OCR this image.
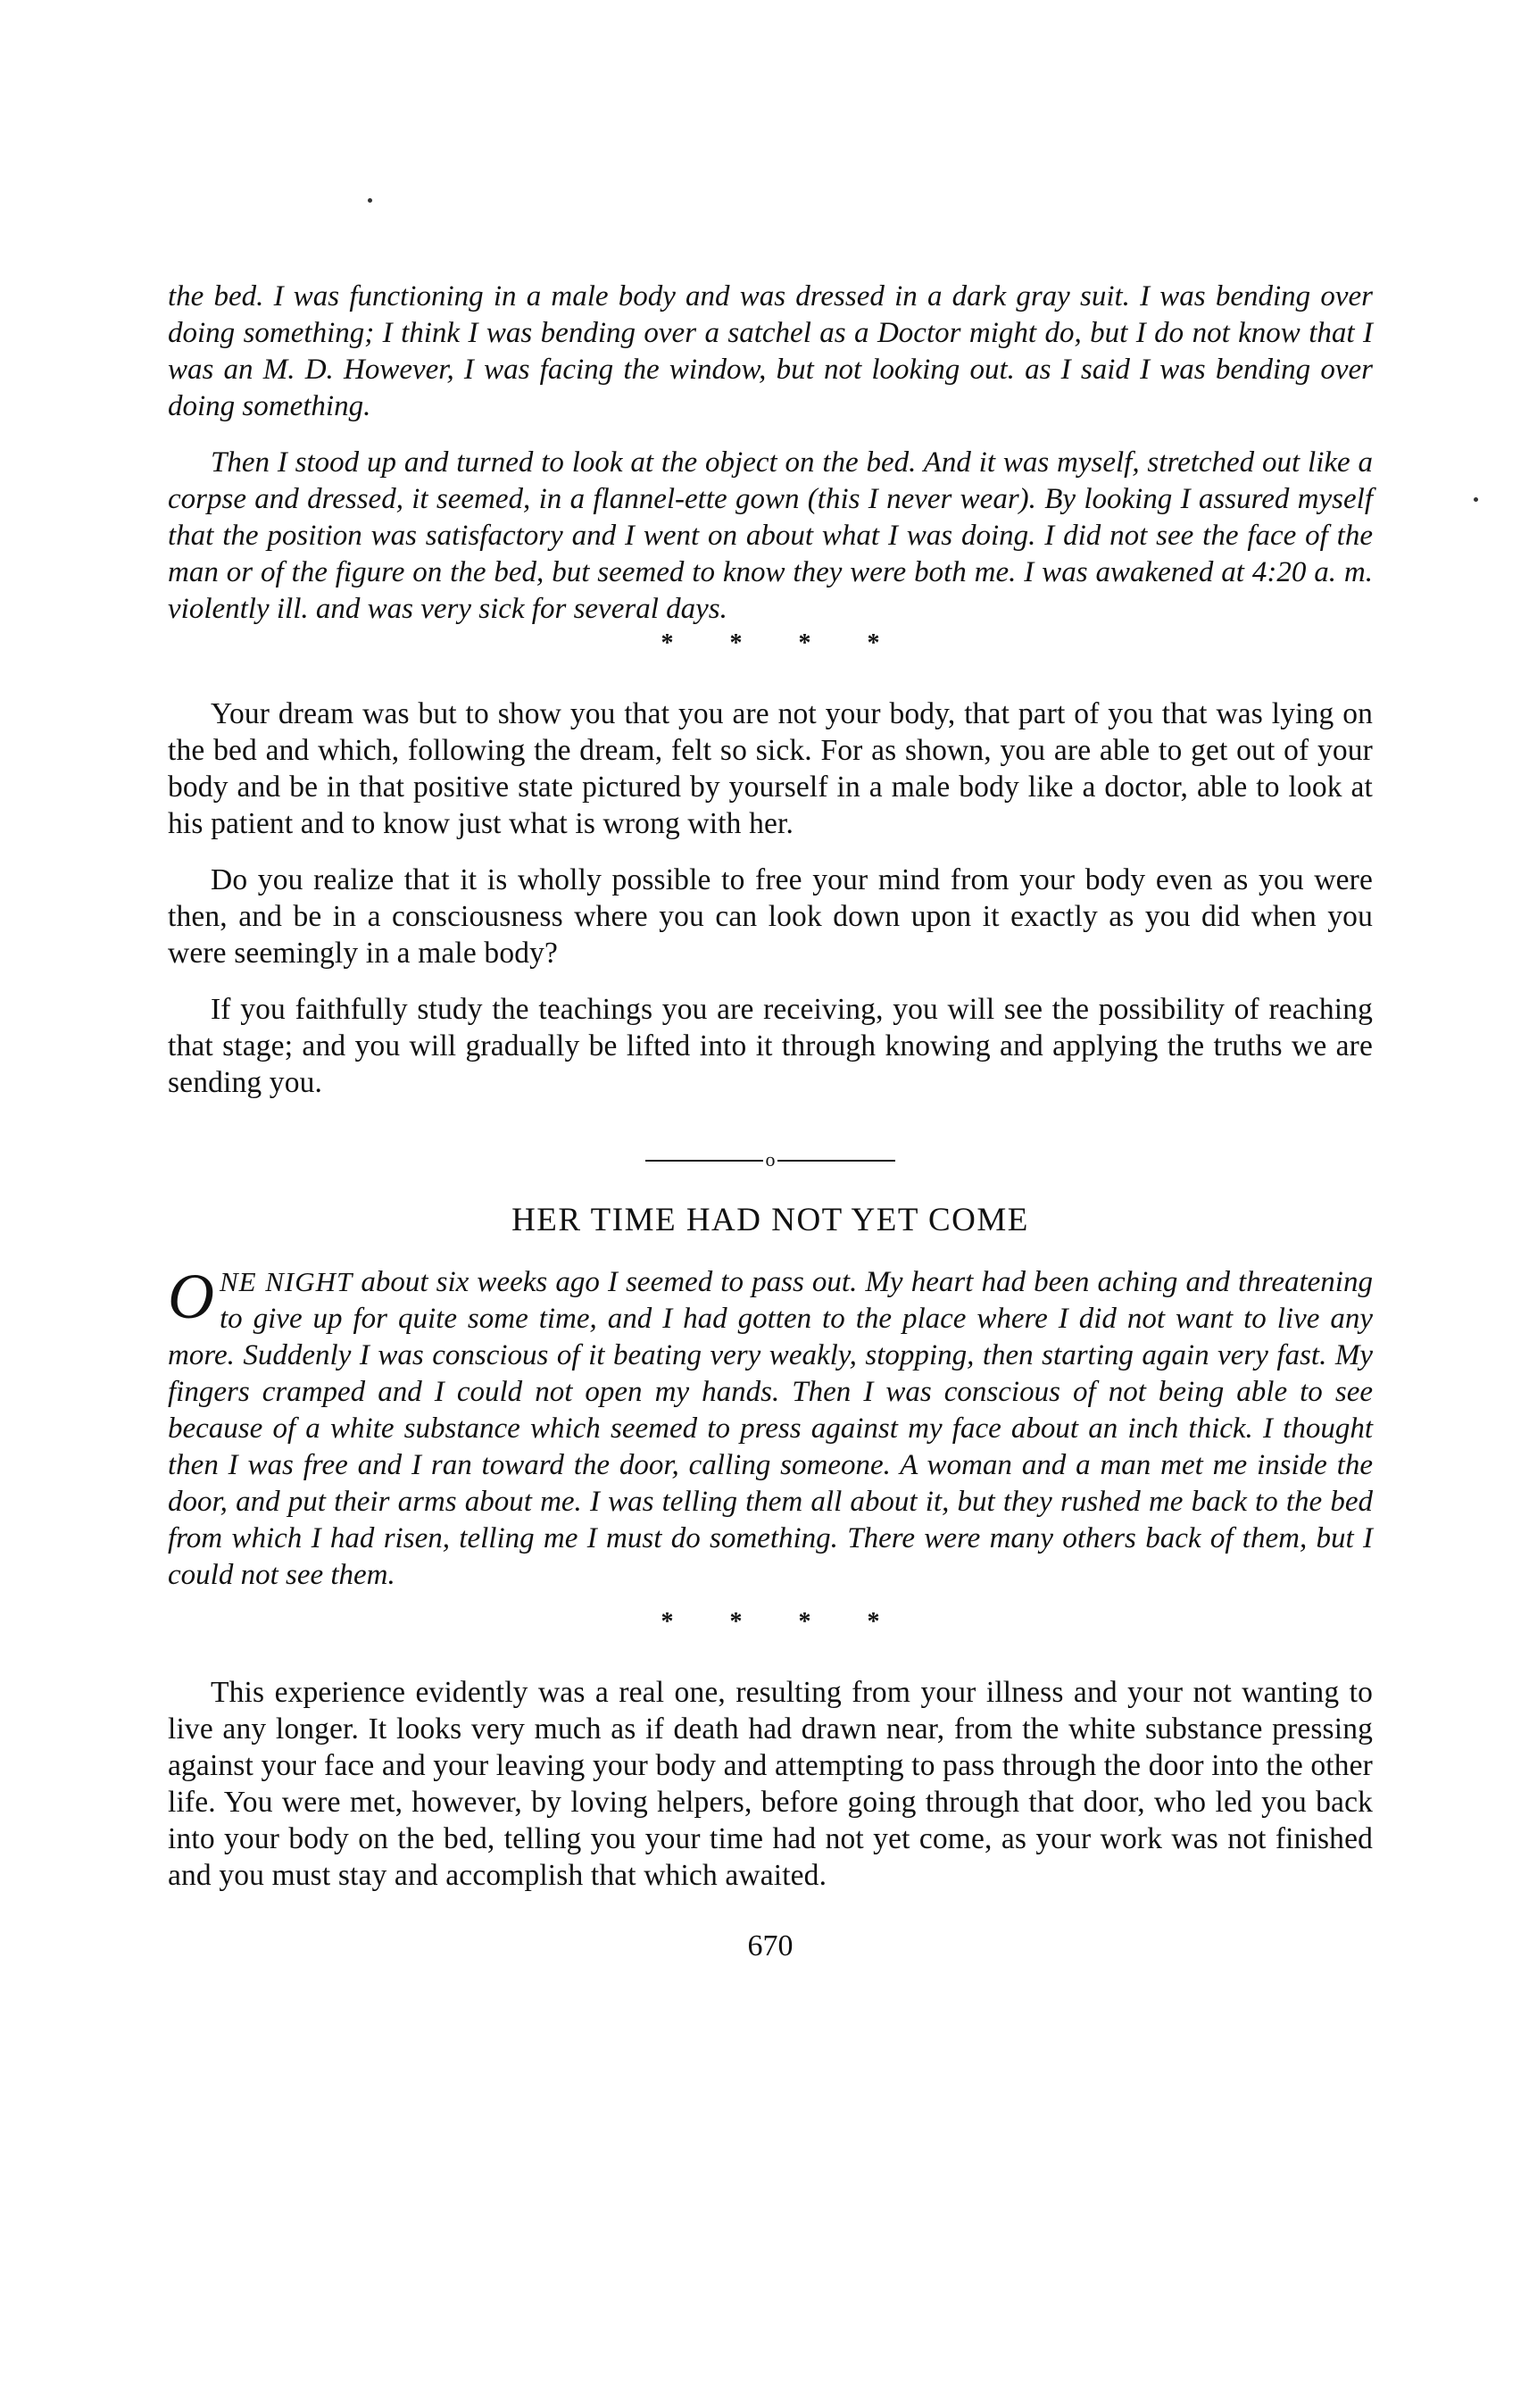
the bed. I was functioning in a male body and was dressed in a dark gray suit. I was bending over doing something; I think I was bending over a satchel as a Doctor might do, but I do not know that I was an M. D. However, I was facing the window, but not looking out. as I said I was bending over doing something.

Then I stood up and turned to look at the object on the bed. And it was myself, stretched out like a corpse and dressed, it seemed, in a flannel-ette gown (this I never wear). By looking I assured myself that the position was satisfactory and I went on about what I was doing. I did not see the face of the man or of the figure on the bed, but seemed to know they were both me. I was awakened at 4:20 a. m. violently ill. and was very sick for several days.

* * * *

Your dream was but to show you that you are not your body, that part of you that was lying on the bed and which, following the dream, felt so sick. For as shown, you are able to get out of your body and be in that positive state pictured by yourself in a male body like a doctor, able to look at his patient and to know just what is wrong with her.

Do you realize that it is wholly possible to free your mind from your body even as you were then, and be in a consciousness where you can look down upon it exactly as you did when you were seemingly in a male body?

If you faithfully study the teachings you are receiving, you will see the possibility of reaching that stage; and you will gradually be lifted into it through knowing and applying the truths we are sending you.

o
HER TIME HAD NOT YET COME

ONE NIGHT about six weeks ago I seemed to pass out. My heart had been aching and threatening to give up for quite some time, and I had gotten to the place where I did not want to live any more. Suddenly I was conscious of it beating very weakly, stopping, then starting again very fast. My fingers cramped and I could not open my hands. Then I was conscious of not being able to see because of a white substance which seemed to press against my face about an inch thick. I thought then I was free and I ran toward the door, calling someone. A woman and a man met me inside the door, and put their arms about me. I was telling them all about it, but they rushed me back to the bed from which I had risen, telling me I must do something. There were many others back of them, but I could not see them.

* * * *

This experience evidently was a real one, resulting from your illness and your not wanting to live any longer. It looks very much as if death had drawn near, from the white substance pressing against your face and your leaving your body and attempting to pass through the door into the other life. You were met, however, by loving helpers, before going through that door, who led you back into your body on the bed, telling you your time had not yet come, as your work was not finished and you must stay and accomplish that which awaited.

670
